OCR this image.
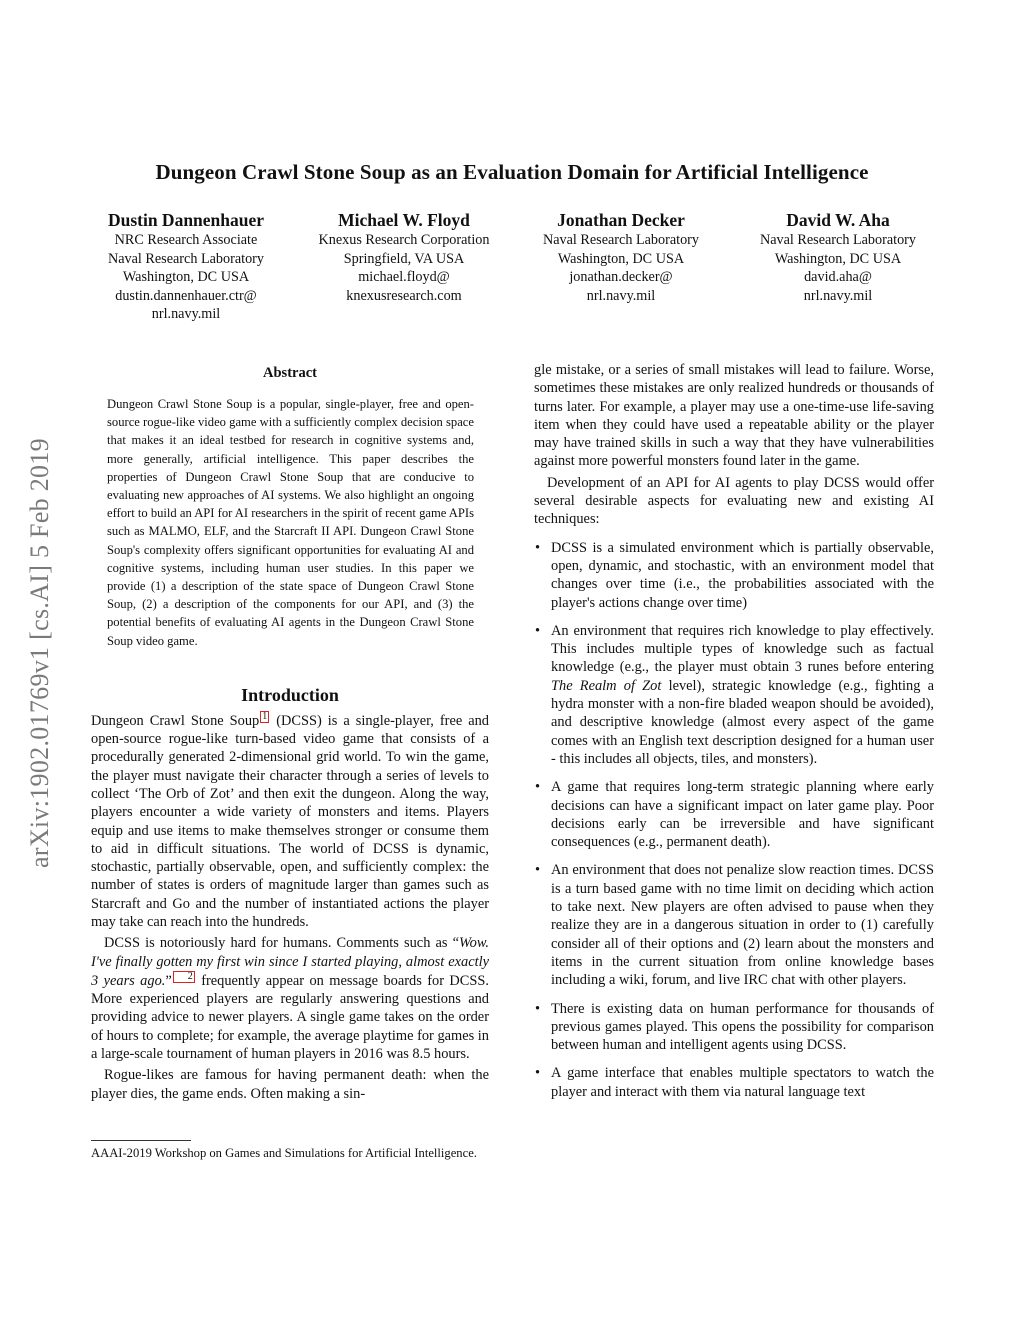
Dungeon Crawl Stone Soup as an Evaluation Domain for Artificial Intelligence
Dustin Dannenhauer
NRC Research Associate
Naval Research Laboratory
Washington, DC USA
dustin.dannenhauer.ctr@
nrl.navy.mil
Michael W. Floyd
Knexus Research Corporation
Springfield, VA USA
michael.floyd@
knexusresearch.com
Jonathan Decker
Naval Research Laboratory
Washington, DC USA
jonathan.decker@
nrl.navy.mil
David W. Aha
Naval Research Laboratory
Washington, DC USA
david.aha@
nrl.navy.mil
arXiv:1902.01769v1 [cs.AI] 5 Feb 2019
Abstract

Dungeon Crawl Stone Soup is a popular, single-player, free and open-source rogue-like video game with a sufficiently complex decision space that makes it an ideal testbed for research in cognitive systems and, more generally, artificial intelligence. This paper describes the properties of Dungeon Crawl Stone Soup that are conducive to evaluating new approaches of AI systems. We also highlight an ongoing effort to build an API for AI researchers in the spirit of recent game APIs such as MALMO, ELF, and the Starcraft II API. Dungeon Crawl Stone Soup's complexity offers significant opportunities for evaluating AI and cognitive systems, including human user studies. In this paper we provide (1) a description of the state space of Dungeon Crawl Stone Soup, (2) a description of the components for our API, and (3) the potential benefits of evaluating AI agents in the Dungeon Crawl Stone Soup video game.

Introduction

Dungeon Crawl Stone Soup 1 (DCSS) is a single-player, free and open-source rogue-like turn-based video game that consists of a procedurally generated 2-dimensional grid world. To win the game, the player must navigate their character through a series of levels to collect ‘The Orb of Zot’ and then exit the dungeon. Along the way, players encounter a wide variety of monsters and items. Players equip and use items to make themselves stronger or consume them to aid in difficult situations. The world of DCSS is dynamic, stochastic, partially observable, open, and sufficiently complex: the number of states is orders of magnitude larger than games such as Starcraft and Go and the number of instantiated actions the player may take can reach into the hundreds.

DCSS is notoriously hard for humans. Comments such as “Wow. I've finally gotten my first win since I started playing, almost exactly 3 years ago.” 2 frequently appear on message boards for DCSS. More experienced players are regularly answering questions and providing advice to newer players. A single game takes on the order of hours to complete; for example, the average playtime for games in a large-scale tournament of human players in 2016 was 8.5 hours.

Rogue-likes are famous for having permanent death: when the player dies, the game ends. Often making a sin-

AAAI-2019 Workshop on Games and Simulations for Artificial Intelligence.

gle mistake, or a series of small mistakes will lead to failure. Worse, sometimes these mistakes are only realized hundreds or thousands of turns later. For example, a player may use a one-time-use life-saving item when they could have used a repeatable ability or the player may have trained skills in such a way that they have vulnerabilities against more powerful monsters found later in the game.

Development of an API for AI agents to play DCSS would offer several desirable aspects for evaluating new and existing AI techniques:

• DCSS is a simulated environment which is partially observable, open, dynamic, and stochastic, with an environment model that changes over time (i.e., the probabilities associated with the player's actions change over time)
• An environment that requires rich knowledge to play effectively. This includes multiple types of knowledge such as factual knowledge (e.g., the player must obtain 3 runes before entering The Realm of Zot level), strategic knowledge (e.g., fighting a hydra monster with a non-fire bladed weapon should be avoided), and descriptive knowledge (almost every aspect of the game comes with an English text description designed for a human user - this includes all objects, tiles, and monsters).
• A game that requires long-term strategic planning where early decisions can have a significant impact on later game play. Poor decisions early can be irreversible and have significant consequences (e.g., permanent death).
• An environment that does not penalize slow reaction times. DCSS is a turn based game with no time limit on deciding which action to take next. New players are often advised to pause when they realize they are in a dangerous situation in order to (1) carefully consider all of their options and (2) learn about the monsters and items in the current situation from online knowledge bases including a wiki, forum, and live IRC chat with other players.
• There is existing data on human performance for thousands of previous games played. This opens the possibility for comparison between human and intelligent agents using DCSS.
• A game interface that enables multiple spectators to watch the player and interact with them via natural language text
